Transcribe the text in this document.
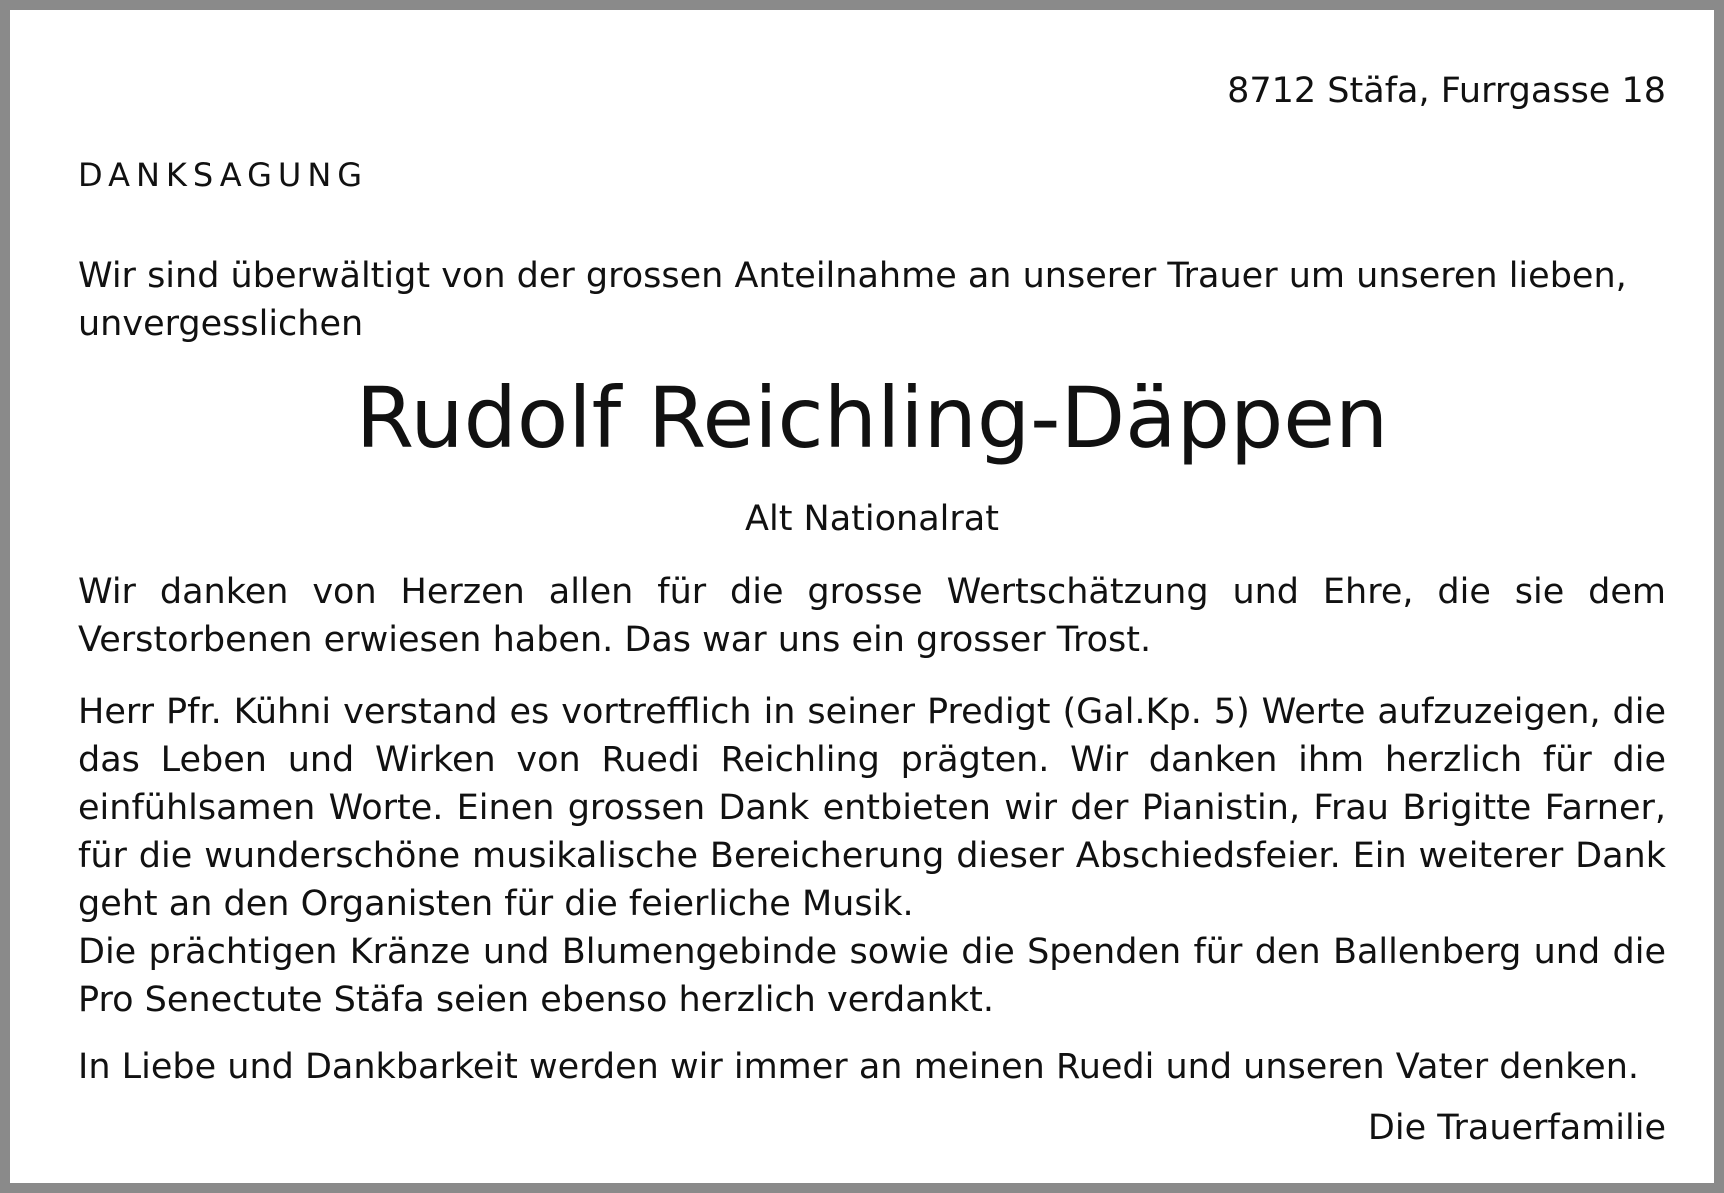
8712 Stäfa, Furrgasse 18
DANKSAGUNG
Wir sind überwältigt von der grossen Anteilnahme an unserer Trauer um unseren lieben, unvergesslichen
Rudolf Reichling-Däppen
Alt Nationalrat
Wir danken von Herzen allen für die grosse Wertschätzung und Ehre, die sie dem Verstorbenen erwiesen haben. Das war uns ein grosser Trost.
Herr Pfr. Kühni verstand es vortrefflich in seiner Predigt (Gal.Kp. 5) Werte aufzuzeigen, die das Leben und Wirken von Ruedi Reichling prägten. Wir danken ihm herzlich für die einfühlsamen Worte. Einen grossen Dank entbieten wir der Pianistin, Frau Brigitte Farner, für die wunderschöne musikalische Bereicherung dieser Abschiedsfeier. Ein weiterer Dank geht an den Organisten für die feierliche Musik.
Die prächtigen Kränze und Blumengebinde sowie die Spenden für den Ballenberg und die Pro Senectute Stäfa seien ebenso herzlich verdankt.
In Liebe und Dankbarkeit werden wir immer an meinen Ruedi und unseren Vater denken.
Die Trauerfamilie
